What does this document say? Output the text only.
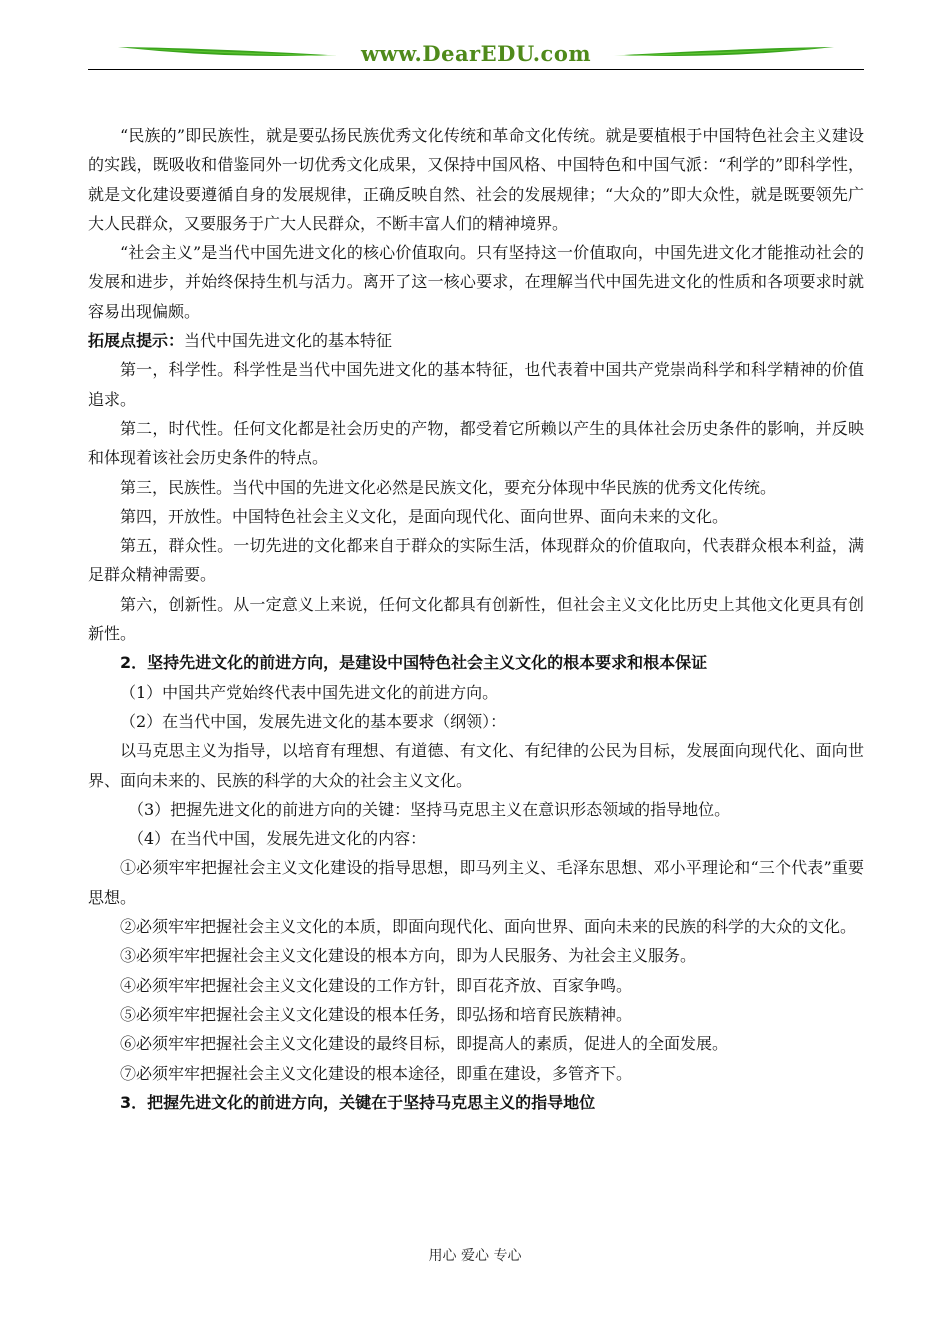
www.DearEDU.com

“民族的”即民族性，就是要弘扬民族优秀文化传统和革命文化传统。就是要植根于中国特色社会主义建设的实践，既吸收和借鉴同外一切优秀文化成果，又保持中国风格、中国特色和中国气派：“利学的”即科学性，就是文化建设要遵循自身的发展规律，正确反映自然、社会的发展规律；“大众的”即大众性，就是既要领先广大人民群众，又要服务于广大人民群众，不断丰富人们的精神境界。

“社会主义”是当代中国先进文化的核心价值取向。只有坚持这一价值取向，中国先进文化才能推动社会的发展和进步，并始终保持生机与活力。离开了这一核心要求，在理解当代中国先进文化的性质和各项要求时就容易出现偏颇。

拓展点提示：当代中国先进文化的基本特征

第一，科学性。科学性是当代中国先进文化的基本特征，也代表着中国共产党崇尚科学和科学精神的价值追求。

第二，时代性。任何文化都是社会历史的产物，都受着它所赖以产生的具体社会历史条件的影响，并反映和体现着该社会历史条件的特点。

第三，民族性。当代中国的先进文化必然是民族文化，要充分体现中华民族的优秀文化传统。

第四，开放性。中国特色社会主义文化，是面向现代化、面向世界、面向未来的文化。

第五，群众性。一切先进的文化都来自于群众的实际生活，体现群众的价值取向，代表群众根本利益，满足群众精神需要。

第六，创新性。从一定意义上来说，任何文化都具有创新性，但社会主义文化比历史上其他文化更具有创新性。

2．坚持先进文化的前进方向，是建设中国特色社会主义文化的根本要求和根本保证

（1）中国共产党始终代表中国先进文化的前进方向。

（2）在当代中国，发展先进文化的基本要求（纲领）：

以马克思主义为指导，以培育有理想、有道德、有文化、有纪律的公民为目标，发展面向现代化、面向世界、面向未来的、民族的科学的大众的社会主义文化。

（3）把握先进文化的前进方向的关键：坚持马克思主义在意识形态领域的指导地位。

（4）在当代中国，发展先进文化的内容：

①必须牢牢把握社会主义文化建设的指导思想，即马列主义、毛泽东思想、邓小平理论和“三个代表”重要思想。

②必须牢牢把握社会主义文化的本质，即面向现代化、面向世界、面向未来的民族的科学的大众的文化。

③必须牢牢把握社会主义文化建设的根本方向，即为人民服务、为社会主义服务。

④必须牢牢把握社会主义文化建设的工作方针，即百花齐放、百家争鸣。

⑤必须牢牢把握社会主义文化建设的根本任务，即弘扬和培育民族精神。

⑥必须牢牢把握社会主义文化建设的最终目标，即提高人的素质，促进人的全面发展。

⑦必须牢牢把握社会主义文化建设的根本途径，即重在建设，多管齐下。

3．把握先进文化的前进方向，关键在于坚持马克思主义的指导地位

用心 爱心 专心
